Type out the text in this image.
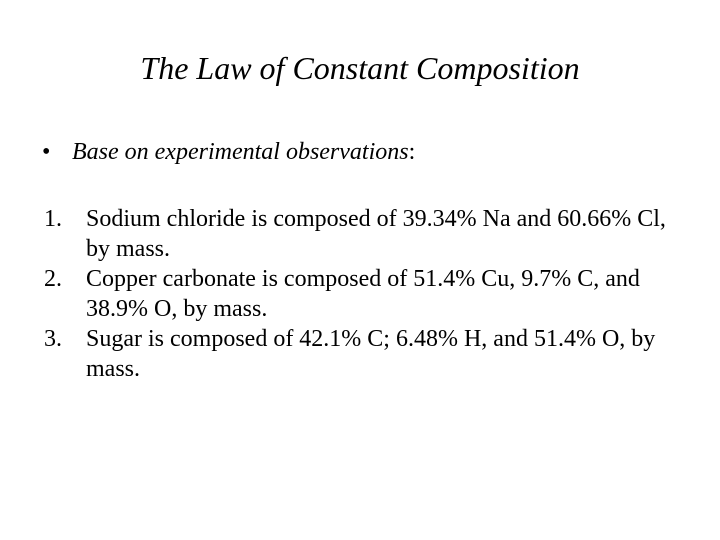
The Law of Constant Composition
• Base on experimental observations:
1.	Sodium chloride is composed of 39.34% Na and 60.66% Cl, by mass.
2.	Copper carbonate is composed of 51.4% Cu, 9.7% C, and 38.9% O, by mass.
3.	Sugar is composed of 42.1% C; 6.48% H, and 51.4% O, by mass.
